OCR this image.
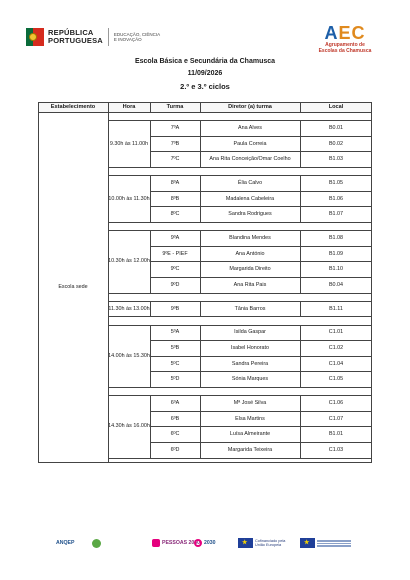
REPÚBLICA
PORTUGUESA
EDUCAÇÃO, CIÊNCIA
E INOVAÇÃO	AEC
Agrupamento de
Escolas da Chamusca
Escola Básica e Secundária da Chamusca
11/09/2026
2.º e 3.º ciclos
Estabelecimento	Hora	Turma	Diretor (a) turma	Local
9.30h às 11.00h
7ºA	Ana Alves	B0.01
7ºB	Paula Correia	B0.02
7ºC	Ana Rita Conceição/Omar Coelho	B1.03
10.00h às 11.30h
8ºA	Élia Calvo	B1.05
8ºB	Madalena Cabeleira	B1.06
8ºC	Sandra Rodrigues	B1.07
10.30h às 12.00h
9ºA	Blandina Mendes	B1.08
9ºE - PIEF	Ana António	B1.09
9ºC	Margarida Direito	B1.10
9ºD	Ana Rita Pais	B0.04
11.30h às 13.00h	9ºB	Tânia Barros	B1.11
14.00h às 15.30h
5ºA	Isilda Gaspar	C1.01
5ºB	Isabel Honorato	C1.02
5ºC	Sandra Pereira	C1.04
5ºD	Sónia Marques	C1.05
14.30h às 16.00h
6ºA	Mª José Silva	C1.06
6ºB	Elsa Martins	C1.07
6ºC	Luísa Almeirante	B1.01
6ºD	Margarida Teixeira	C1.03
Escola sede
ANQEP	PESSOAS 2030 2030
★	Cofinanciado pela
União Europeia
★
